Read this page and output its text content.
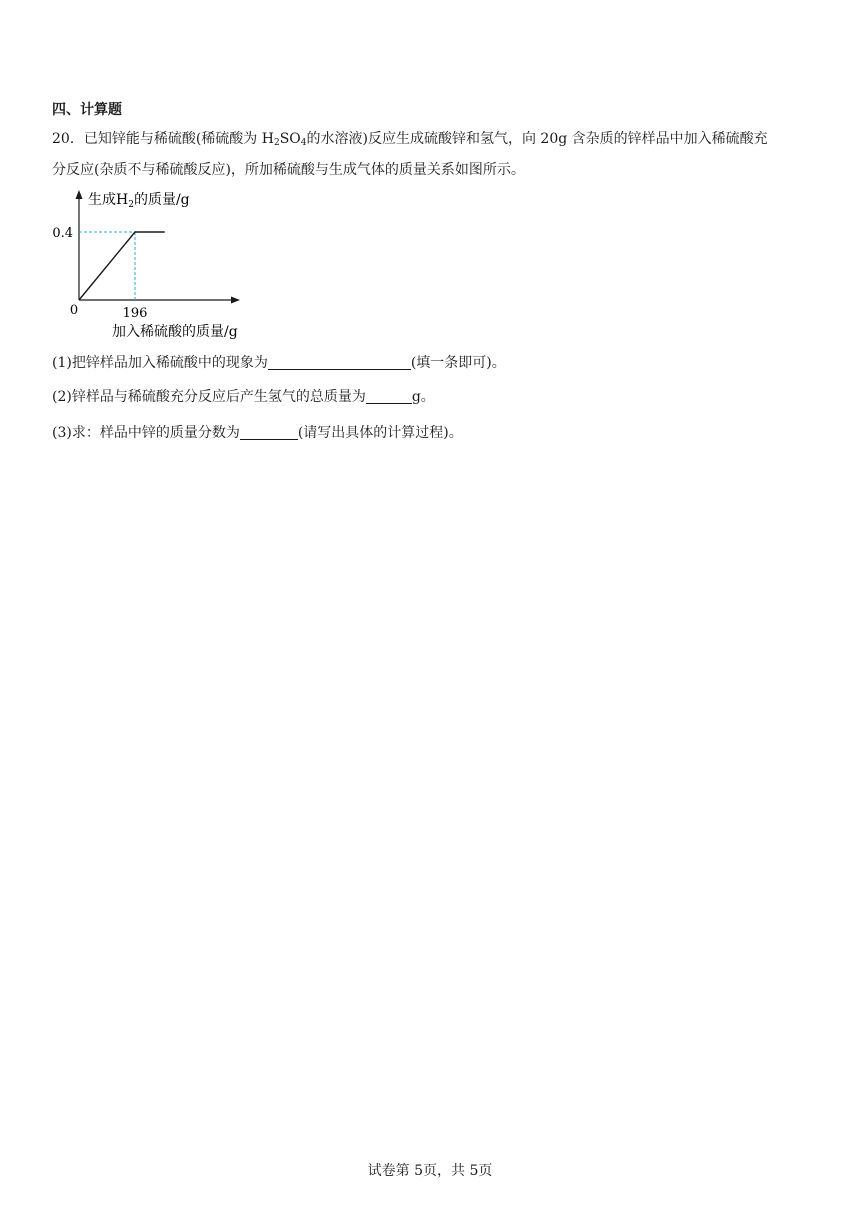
四、计算题
20．已知锌能与稀硫酸(稀硫酸为 $H_2SO_4$的水溶液)反应生成硫酸锌和氢气，向 20g 含杂质的锌样品中加入稀硫酸充
分反应(杂质不与稀硫酸反应)，所加稀硫酸与生成气体的质量关系如图所示。
生成$H_2$的质量/g
0.4
0	196
加入稀硫酸的质量/g
(1)把锌样品加入稀硫酸中的现象为	(填一条即可)。
(2)锌样品与稀硫酸充分反应后产生氢气的总质量为	g。
(3)求：样品中锌的质量分数为	(请写出具体的计算过程)。
试卷第 5页，共 5页
